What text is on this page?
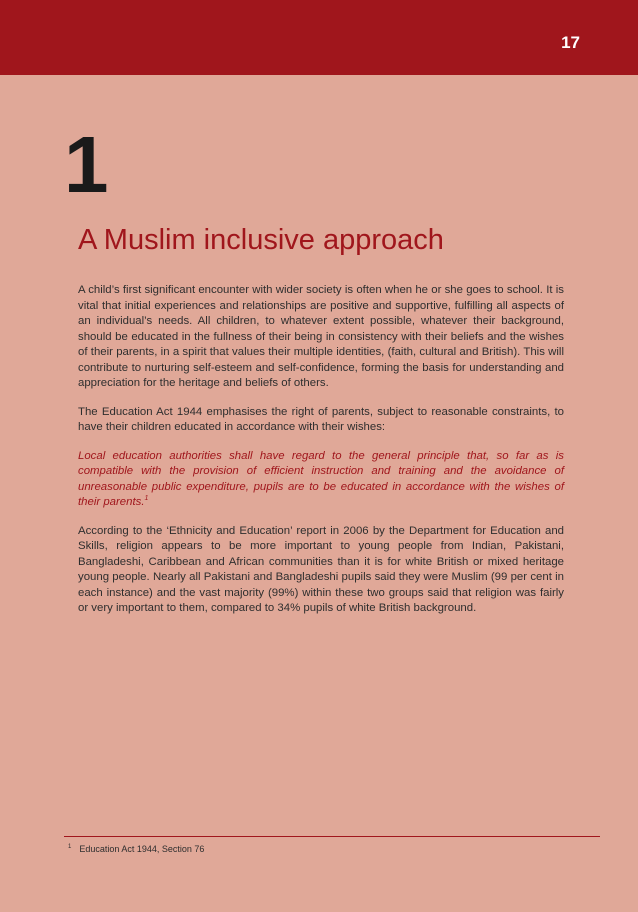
17
1
A Muslim inclusive approach

A child’s first significant encounter with wider society is often when he or she goes to school. It is vital that initial experiences and relationships are positive and supportive, fulfilling all aspects of an individual’s needs. All children, to whatever extent possible, whatever their background, should be educated in the fullness of their being in consistency with their beliefs and the wishes of their parents, in a spirit that values their multiple identities, (faith, cultural and British). This will contribute to nurturing self-esteem and self-confidence, forming the basis for understanding and appreciation for the heritage and beliefs of others.

The Education Act 1944 emphasises the right of parents, subject to reasonable constraints, to have their children educated in accordance with their wishes:

Local education authorities shall have regard to the general principle that, so far as is compatible with the provision of efficient instruction and training and the avoidance of unreasonable public expenditure, pupils are to be educated in accordance with the wishes of their parents.$^1$

According to the ‘Ethnicity and Education’ report in 2006 by the Department for Education and Skills, religion appears to be more important to young people from Indian, Pakistani, Bangladeshi, Caribbean and African communities than it is for white British or mixed heritage young people. Nearly all Pakistani and Bangladeshi pupils said they were Muslim (99 per cent in each instance) and the vast majority (99%) within these two groups said that religion was fairly or very important to them, compared to 34% pupils of white British background.

$^1$ Education Act 1944, Section 76
